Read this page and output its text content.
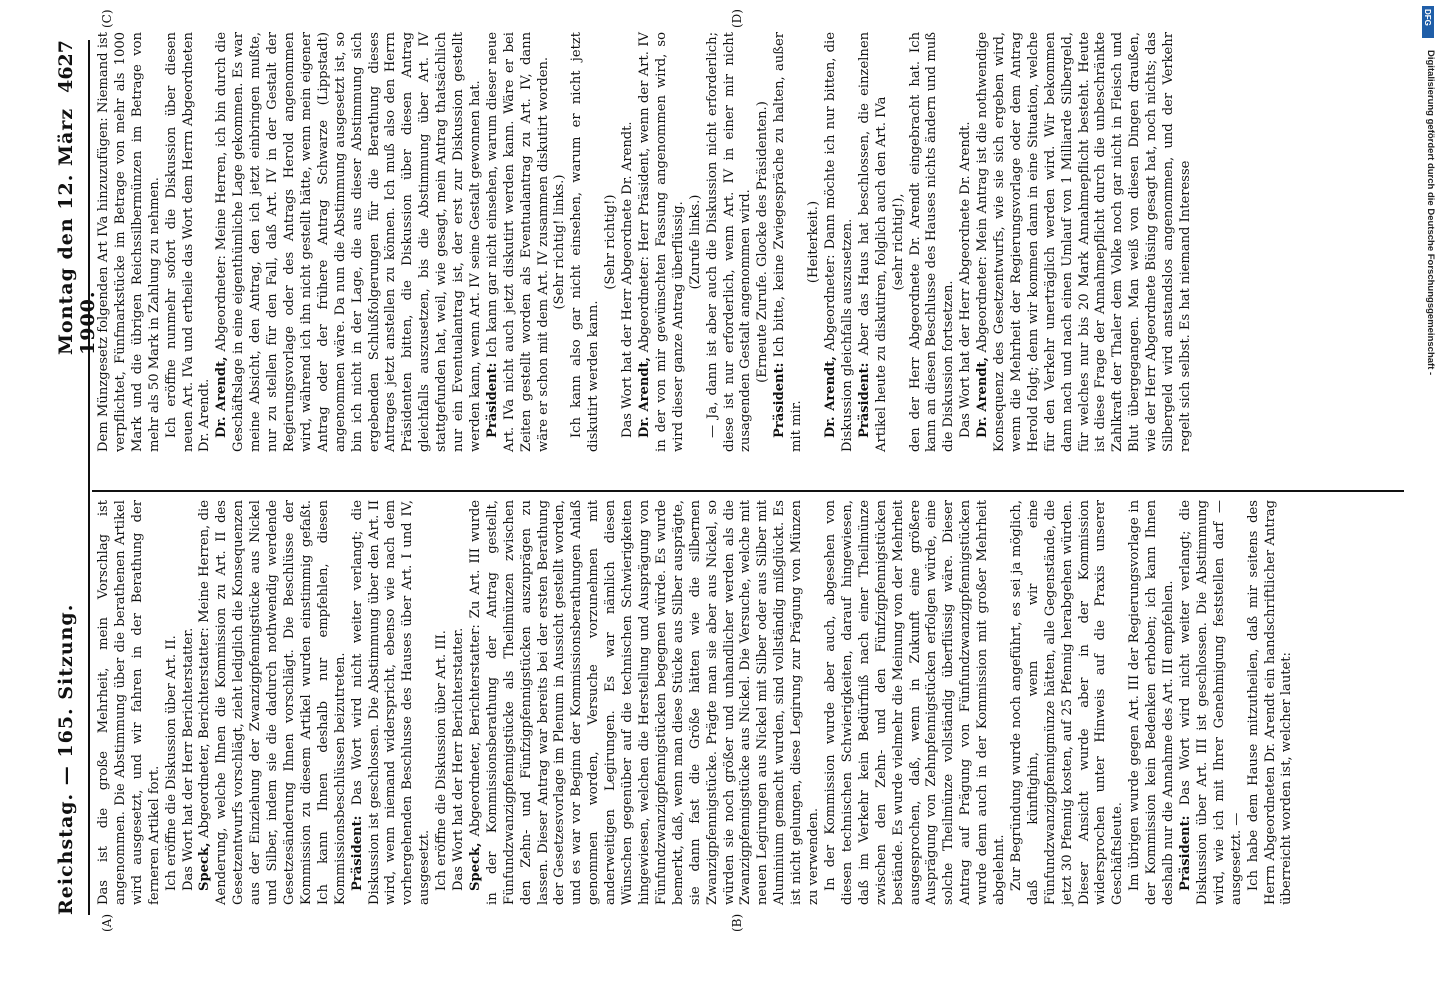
Reichstag. — 165. Sitzung.
Montag den 12. März 1900.
4627
(A)	(B)
(C)	(D)

Das ist die große Mehrheit, mein Vorschlag ist angenommen. Die Abstimmung über die berathenen Artikel wird ausgesetzt, und wir fahren in der Berathung der ferneren Artikel fort. Ich eröffne die Diskussion über Art. II. Das Wort hat der Herr Berichterstatter. Speck, Abgeordneter, Berichterstatter: Meine Herren, die Aenderung, welche Ihnen die Kommission zu Art. II des Gesetzentwurfs vorschlägt, zieht lediglich die Konsequenzen aus der Einziehung der Zwanzigpfennigstücke aus Nickel und Silber, indem sie die dadurch nothwendig werdende Gesetzesänderung Ihnen vorschlägt. Die Beschlüsse der Kommission zu diesem Artikel wurden einstimmig gefaßt. Ich kann Ihnen deshalb nur empfehlen, diesen Kommissionsbeschlüssen beizutreten. Präsident: Das Wort wird nicht weiter verlangt; die Diskussion ist geschlossen. Die Abstimmung über den Art. II wird, wenn niemand widerspricht, ebenso wie nach dem vorhergehenden Beschlusse des Hauses über Art. I und IV, ausgesetzt. Ich eröffne die Diskussion über Art. III. Das Wort hat der Herr Berichterstatter. Speck, Abgeordneter, Berichterstatter: Zu Art. III wurde in der Kommissionsberathung der Antrag gestellt, Fünfundzwanzigpfennigstücke als Theilmünzen zwischen den Zehn- und Fünfzigpfennigstücken auszuprägen zu lassen. Dieser Antrag war bereits bei der ersten Berathung der Gesetzesvorlage im Plenum in Aussicht gestellt worden, und es war vor Beginn der Kommissionsberathungen Anlaß genommen worden, Versuche vorzunehmen mit anderweitigen Legirungen. Es war nämlich diesen Wünschen gegenüber auf die technischen Schwierigkeiten hingewiesen, welchen die Herstellung und Ausprägung von Fünfundzwanzigpfennigstücken begegnen würde. Es wurde bemerkt, daß, wenn man diese Stücke aus Silber ausprägte, sie dann fast die Größe hätten wie die silbernen Zwanzigpfennigstücke. Prägte man sie aber aus Nickel, so würden sie noch größer und unhandlicher werden als die Zwanzigpfennigstücke aus Nickel. Die Versuche, welche mit neuen Legirungen aus Nickel mit Silber oder aus Silber mit Aluminium gemacht wurden, sind vollständig mißglückt. Es ist nicht gelungen, diese Legirung zur Prägung von Münzen zu verwenden. In der Kommission wurde aber auch, abgesehen von diesen technischen Schwierigkeiten, darauf hingewiesen, daß im Verkehr kein Bedürfniß nach einer Theilmünze zwischen den Zehn- und den Fünfzigpfennigstücken bestände. Es wurde vielmehr die Meinung von der Mehrheit ausgesprochen, daß, wenn in Zukunft eine größere Ausprägung von Zehnpfennigstücken erfolgen würde, eine solche Theilmünze vollständig überflüssig wäre. Dieser Antrag auf Prägung von Fünfundzwanzigpfennigstücken wurde denn auch in der Kommission mit großer Mehrheit abgelehnt. Zur Begründung wurde noch angeführt, es sei ja möglich, daß künftighin, wenn wir eine Fünfundzwanzigpfennigmünze hätten, alle Gegenstände, die jetzt 30 Pfennig kosten, auf 25 Pfennig herabgehen würden. Dieser Ansicht wurde aber in der Kommission widersprochen unter Hinweis auf die Praxis unserer Geschäftsleute. Im übrigen wurde gegen Art. III der Regierungsvorlage in der Kommission kein Bedenken erhoben; ich kann Ihnen deshalb nur die Annahme des Art. III empfehlen. Präsident: Das Wort wird nicht weiter verlangt; die Diskussion über Art. III ist geschlossen. Die Abstimmung wird, wie ich mit Ihrer Genehmigung feststellen darf — ausgesetzt. — Ich habe dem Hause mitzutheilen, daß mir seitens des Herrn Abgeordneten Dr. Arendt ein handschriftlicher Antrag überreicht worden ist, welcher lautet:

Dem Münzgesetz folgenden Art IVa hinzuzufügen: Niemand ist verpflichtet, Fünfmarkstücke im Betrage von mehr als 1000 Mark und die übrigen Reichssilbermünzen im Betrage von mehr als 50 Mark in Zahlung zu nehmen. Ich eröffne nunmehr sofort die Diskussion über diesen neuen Art. IVa und ertheile das Wort dem Herrn Abgeordneten Dr. Arendt. Dr. Arendt, Abgeordneter: Meine Herren, ich bin durch die Geschäftslage in eine eigenthümliche Lage gekommen. Es war meine Absicht, den Antrag, den ich jetzt einbringen mußte, nur zu stellen für den Fall, daß Art. IV in der Gestalt der Regierungsvorlage oder des Antrags Herold angenommen wird, während ich ihn nicht gestellt hätte, wenn mein eigener Antrag oder der frühere Antrag Schwarze (Lippstadt) angenommen wäre. Da nun die Abstimmung ausgesetzt ist, so bin ich nicht in der Lage, die aus dieser Abstimmung sich ergebenden Schlußfolgerungen für die Berathung dieses Antrages jetzt anstellen zu können. Ich muß also den Herrn Präsidenten bitten, die Diskussion über diesen Antrag gleichfalls auszusetzen, bis die Abstimmung über Art. IV stattgefunden hat, weil, wie gesagt, mein Antrag thatsächlich nur ein Eventualantrag ist, der erst zur Diskussion gestellt werden kann, wenn Art. IV seine Gestalt gewonnen hat. Präsident: Ich kann gar nicht einsehen, warum dieser neue Art. IVa nicht auch jetzt diskutirt werden kann. Wäre er bei Zeiten gestellt worden als Eventualantrag zu Art. IV, dann wäre er schon mit dem Art. IV zusammen diskutirt worden. (Sehr richtig! links.) Ich kann also gar nicht einsehen, warum er nicht jetzt diskutirt werden kann.

(Sehr richtig!) Das Wort hat der Herr Abgeordnete Dr. Arendt. Dr. Arendt, Abgeordneter: Herr Präsident, wenn der Art. IV in der von mir gewünschten Fassung angenommen wird, so wird dieser ganze Antrag überflüssig. (Zurufe links.) — Ja, dann ist aber auch die Diskussion nicht erforderlich; diese ist nur erforderlich, wenn Art. IV in einer mir nicht zusagenden Gestalt angenommen wird. (Erneute Zurufe. Glocke des Präsidenten.)

Präsident: Ich bitte, keine Zwiegespräche zu halten, außer mit mir.

(Heiterkeit.)

Dr. Arendt, Abgeordneter: Dann möchte ich nur bitten, die Diskussion gleichfalls auszusetzen. Präsident: Aber das Haus hat beschlossen, die einzelnen Artikel heute zu diskutiren, folglich auch den Art. IVa (sehr richtig!), den der Herr Abgeordnete Dr. Arendt eingebracht hat. Ich kann an diesen Beschlusse des Hauses nichts ändern und muß die Diskussion fortsetzen. Das Wort hat der Herr Abgeordnete Dr. Arendt. Dr. Arendt, Abgeordneter: Mein Antrag ist die nothwendige Konsequenz des Gesetzentwurfs, wie sie sich ergeben wird, wenn die Mehrheit der Regierungsvorlage oder dem Antrag Herold folgt; denn wir kommen dann in eine Situation, welche für den Verkehr unerträglich werden wird. Wir bekommen dann nach und nach einen Umlauf von 1 Milliarde Silbergeld, für welches nur bis 20 Mark Annahmepflicht besteht. Heute ist diese Frage der Annahmepflicht durch die unbeschränkte Zahlkraft der Thaler dem Volke noch gar nicht in Fleisch und Blut übergegangen. Man weiß von diesen Dingen draußen, wie der Herr Abgeordnete Büsing gesagt hat, noch nichts; das Silbergeld wird anstandslos angenommen, und der Verkehr regelt sich selbst. Es hat niemand Interesse

DFG
Digitalisierung gefördert durch die Deutsche Forschungsgemeinschaft -
